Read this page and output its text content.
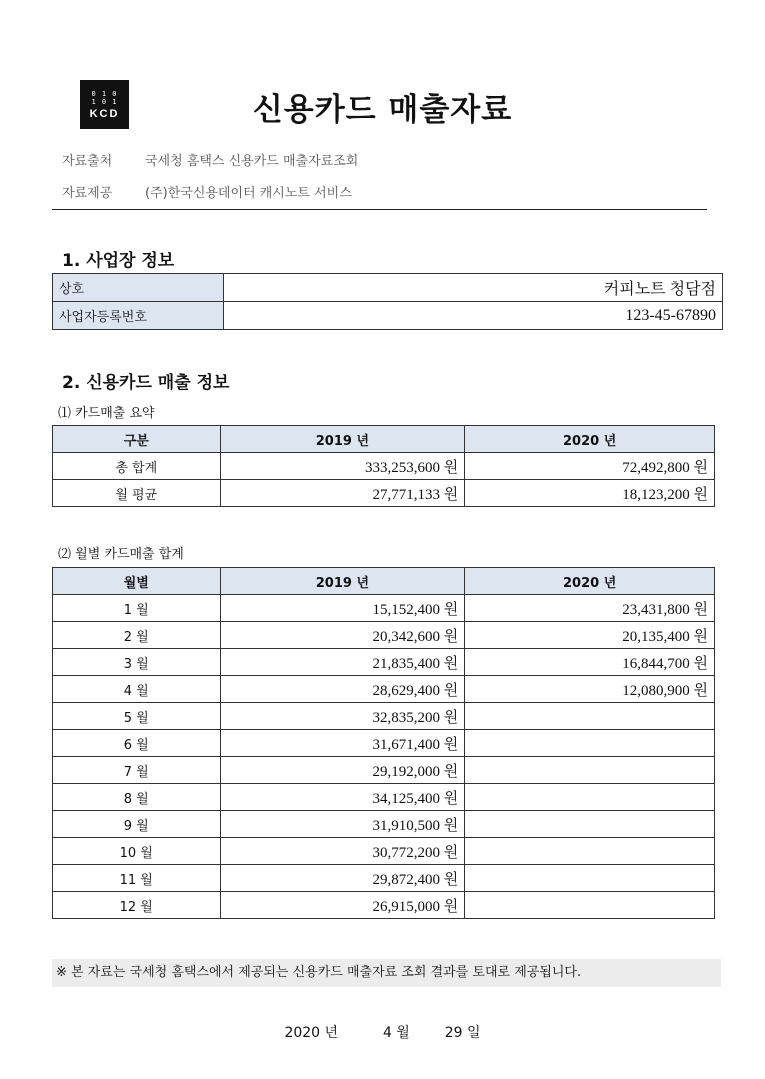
0 1 0
1 0 1
KCD	신용카드 매출자료
자료출처	국세청 홈택스 신용카드 매출자료조회
자료제공	(주)한국신용데이터 캐시노트 서비스
1. 사업장 정보
상호	커피노트 청담점
사업자등록번호	123-45-67890
2. 신용카드 매출 정보
⑴ 카드매출 요약
구분	2019 년	2020 년
총 합계	333,253,600 원	72,492,800 원
월 평균	27,771,133 원	18,123,200 원
⑵ 월별 카드매출 합계
월별	2019 년	2020 년
1 월	15,152,400 원	23,431,800 원
2 월	20,342,600 원	20,135,400 원
3 월	21,835,400 원	16,844,700 원
4 월	28,629,400 원	12,080,900 원
5 월	32,835,200 원	
6 월	31,671,400 원	
7 월	29,192,000 원	
8 월	34,125,400 원	
9 월	31,910,500 원	
10 월	30,772,200 원	
11 월	29,872,400 원	
12 월	26,915,000 원	
※ 본 자료는 국세청 홈택스에서 제공되는 신용카드 매출자료 조회 결과를 토대로 제공됩니다.
2020 년	4 월 29 일
